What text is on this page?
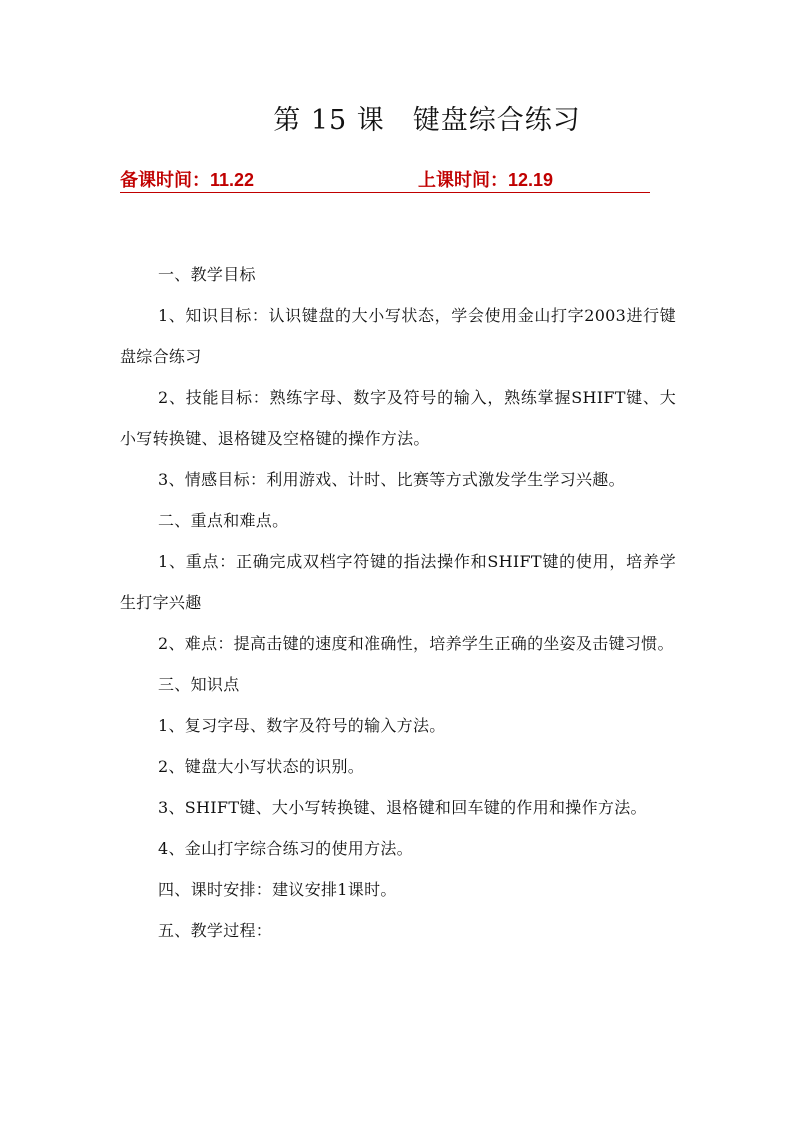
第 15 课　键盘综合练习
备课时间：11.22	上课时间：12.19

一、教学目标

1、知识目标：认识键盘的大小写状态，学会使用金山打字2003进行键盘综合练习

2、技能目标：熟练字母、数字及符号的输入，熟练掌握SHIFT键、大小写转换键、退格键及空格键的操作方法。

3、情感目标：利用游戏、计时、比赛等方式激发学生学习兴趣。

二、重点和难点。

1、重点：正确完成双档字符键的指法操作和SHIFT键的使用，培养学生打字兴趣

2、难点：提高击键的速度和准确性，培养学生正确的坐姿及击键习惯。

三、知识点

1、复习字母、数字及符号的输入方法。

2、键盘大小写状态的识别。

3、SHIFT键、大小写转换键、退格键和回车键的作用和操作方法。

4、金山打字综合练习的使用方法。

四、课时安排：建议安排1课时。

五、教学过程：
